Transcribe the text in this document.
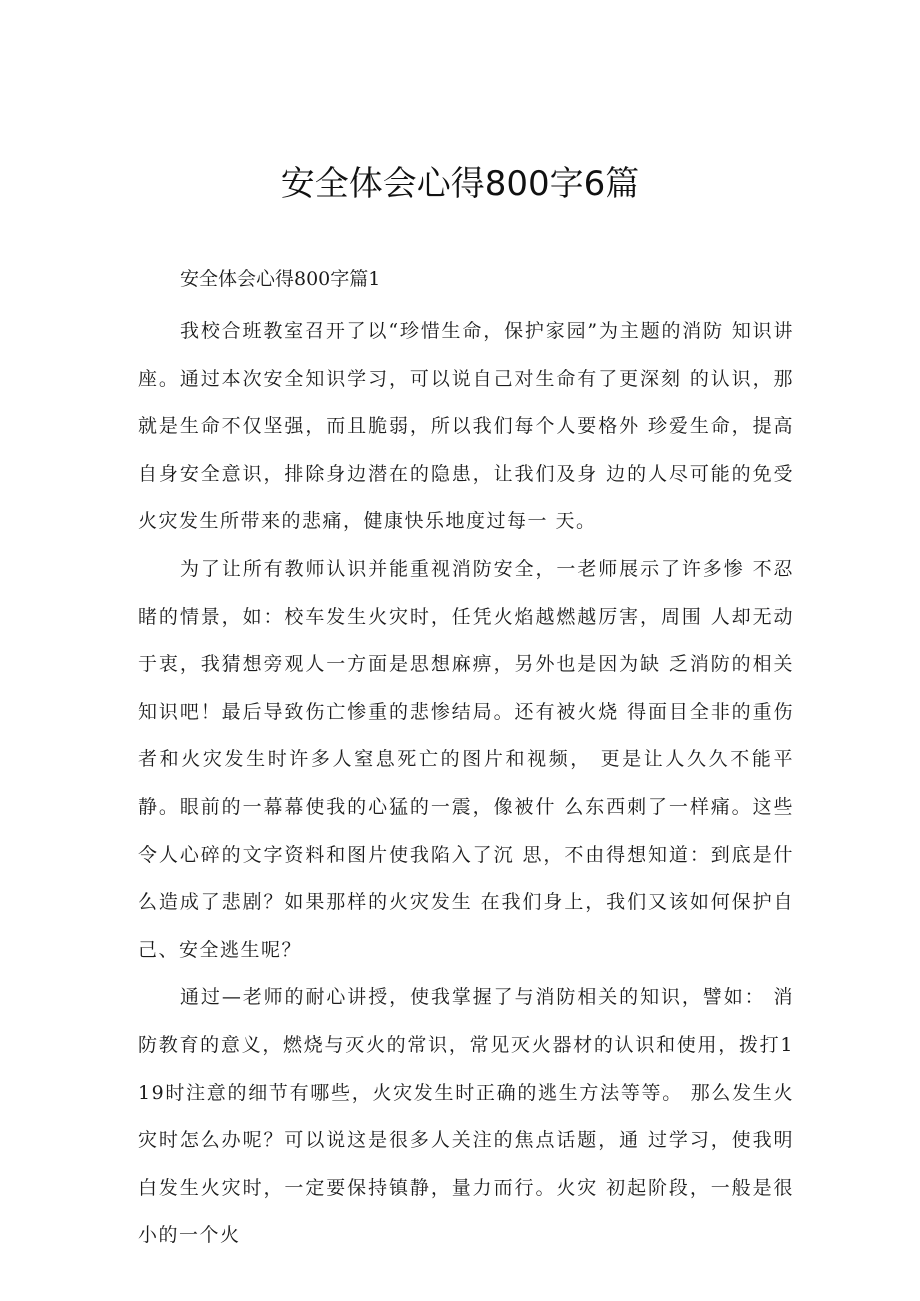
安全体会心得800字6篇
安全体会心得800字篇1

我校合班教室召开了以“珍惜生命，保护家园”为主题的消防 知识讲座。通过本次安全知识学习，可以说自己对生命有了更深刻 的认识，那就是生命不仅坚强，而且脆弱，所以我们每个人要格外 珍爱生命，提高自身安全意识，排除身边潜在的隐患，让我们及身 边的人尽可能的免受火灾发生所带来的悲痛，健康快乐地度过每一 天。

为了让所有教师认识并能重视消防安全，一老师展示了许多惨 不忍睹的情景，如：校车发生火灾时，任凭火焰越燃越厉害，周围 人却无动于衷，我猜想旁观人一方面是思想麻痹，另外也是因为缺 乏消防的相关知识吧！最后导致伤亡惨重的悲惨结局。还有被火烧 得面目全非的重伤者和火灾发生时许多人窒息死亡的图片和视频， 更是让人久久不能平静。眼前的一幕幕使我的心猛的一震，像被什 么东西刺了一样痛。这些令人心碎的文字资料和图片使我陷入了沉 思，不由得想知道：到底是什么造成了悲剧？如果那样的火灾发生 在我们身上，我们又该如何保护自己、安全逃生呢？

通过—老师的耐心讲授，使我掌握了与消防相关的知识，譬如： 消防教育的意义，燃烧与灭火的常识，常见灭火器材的认识和使用，拨打119时注意的细节有哪些，火灾发生时正确的逃生方法等等。 那么发生火灾时怎么办呢？可以说这是很多人关注的焦点话题，通 过学习，使我明白发生火灾时，一定要保持镇静，量力而行。火灾 初起阶段，一般是很小的一个火
